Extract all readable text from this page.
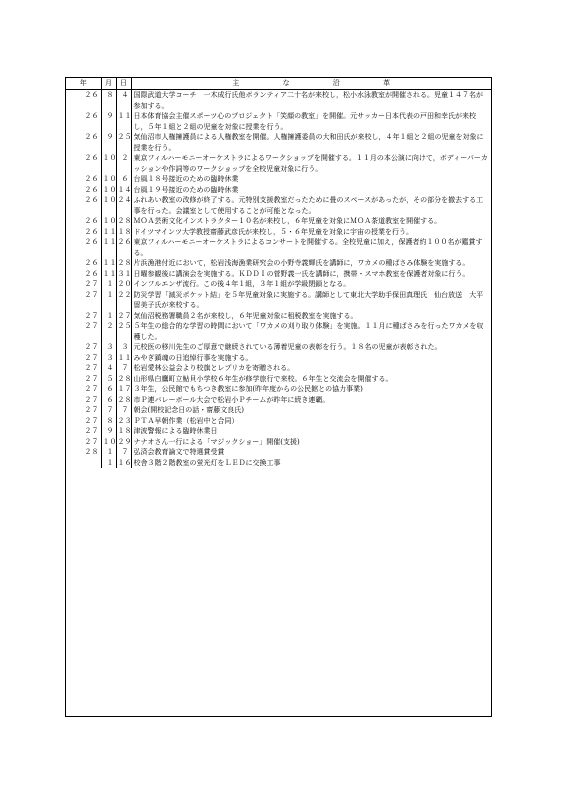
年	月	日	主 な 沿 革
２６	８	４	国際武道大学コーチ　一木成行氏他ボランティア二十名が来校し，松小水泳教室が開催される。児童１４７名が参加する。
２６	９	１１	日本体育協会主催スポーツ心のプロジェクト「笑顔の教室」を開催。元サッカー日本代表の戸田和幸氏が来校し，５年１組と２組の児童を対象に授業を行う。
２６	９	２５	気仙沼市人権擁護員による人権教室を開催。人権擁護委員の大和田氏が来校し，４年１組と２組の児童を対象に授業を行う。
２６	１０	２	東京フィルハーモニーオーケストラによるワークショップを開催する。１１月の本公演に向けて，ボディーパーカッションや作詞等のワークショップを全校児童対象に行う。
２６	１０	６	台風１８号接近のための臨時休業
２６	１０	１４	台風１９号接近のための臨時休業
２６	１０	２４	ふれあい教室の改修が終了する。元特別支援教室だったために畳のスペースがあったが，その部分を撤去する工事を行った。会議室として使用することが可能となった。
２６	１０	２８	ＭＯＡ芸術文化インストラクター１０名が来校し，６年児童を対象にＭＯＡ茶道教室を開催する。
２６	１１	１８	ドイツマインツ大学教授齋藤武彦氏が来校し，５・６年児童を対象に宇宙の授業を行う。
２６	１１	２６	東京フィルハーモニーオーケストラによるコンサートを開催する。全校児童に加え，保護者約１００名が鑑賞する。
２６	１１	２８	片浜漁港付近において，松岩浅海漁業研究会の小野寺義輝氏を講師に，ワカメの種ばさみ体験を実施する。
２６	１１	３１	日曜参観後に講演会を実施する。ＫＤＤＩの菅野義一氏を講師に，携帯・スマホ教室を保護者対象に行う。
２７	１	２０	インフルエンザ流行。この後４年１組，３年１組が学級閉鎖となる。
２７	１	２２	防災学習「減災ポケット結」を５年児童対象に実施する。講師として東北大学助手保田真理氏　仙台放送　大平留美子氏が来校する。
２７	１	２７	気仙沼税務署職員２名が来校し，６年児童対象に租税教室を実施する。
２７	２	２５	５年生の総合的な学習の時間において「ワカメの刈り取り体験」を実施。１１月に種ばさみを行ったワカメを収穫した。
２７	３	３	元校医の移川先生のご厚意で継続されている薄着児童の表彰を行う。１８名の児童が表彰された。
２７	３	１１	みやぎ鎮魂の日追悼行事を実施する。
２７	４	７	松岩愛林公益会より校旗とレプリカを寄贈される。
２７	５	２８	山形県白鷹町立鮎貝小学校６年生が修学旅行で来校。６年生と交流会を開催する。
２７	６	１７	３年生，公民館でもちつき教室に参加(昨年度からの公民館との協力事業)
２７	６	２８	市Ｐ連バレーボール大会で松岩小Ｐチームが昨年に続き連覇。
２７	７	７	朝会(開校記念日の話・齋藤文良氏)
２７	８	２３	ＰＴＡ早朝作業（松岩中と合同）
２７	９	１８	津波警報による臨時休業日
２７	１０	２９	ナナオさん一行による「マジックショー」開催(支援)
２８	１	７	弘済会教育論文で特選賞受賞
	１	１６	校舎３階２階教室の蛍光灯をＬＥＤに交換工事
